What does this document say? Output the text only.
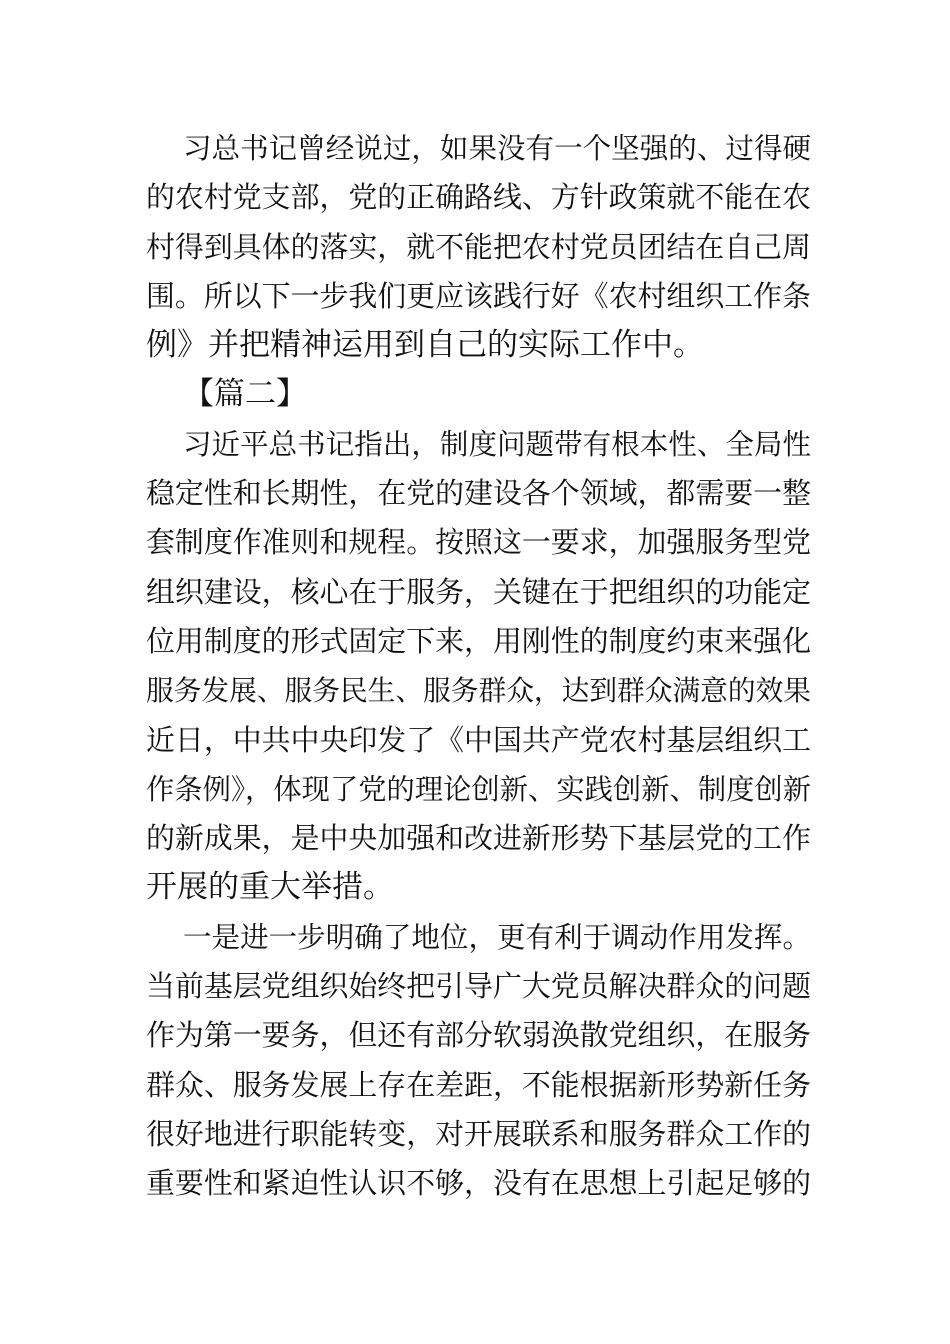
习总书记曾经说过，如果没有一个坚强的、过得硬
的农村党支部，党的正确路线、方针政策就不能在农
村得到具体的落实，就不能把农村党员团结在自己周
围。所以下一步我们更应该践行好《农村组织工作条
例》并把精神运用到自己的实际工作中。
【篇二】
习近平总书记指出，制度问题带有根本性、全局性
稳定性和长期性，在党的建设各个领域，都需要一整
套制度作准则和规程。按照这一要求，加强服务型党
组织建设，核心在于服务，关键在于把组织的功能定
位用制度的形式固定下来，用刚性的制度约束来强化
服务发展、服务民生、服务群众，达到群众满意的效果
近日，中共中央印发了《中国共产党农村基层组织工
作条例》，体现了党的理论创新、实践创新、制度创新
的新成果，是中央加强和改进新形势下基层党的工作
开展的重大举措。
一是进一步明确了地位，更有利于调动作用发挥。
当前基层党组织始终把引导广大党员解决群众的问题
作为第一要务，但还有部分软弱涣散党组织，在服务
群众、服务发展上存在差距，不能根据新形势新任务
很好地进行职能转变，对开展联系和服务群众工作的
重要性和紧迫性认识不够，没有在思想上引起足够的
